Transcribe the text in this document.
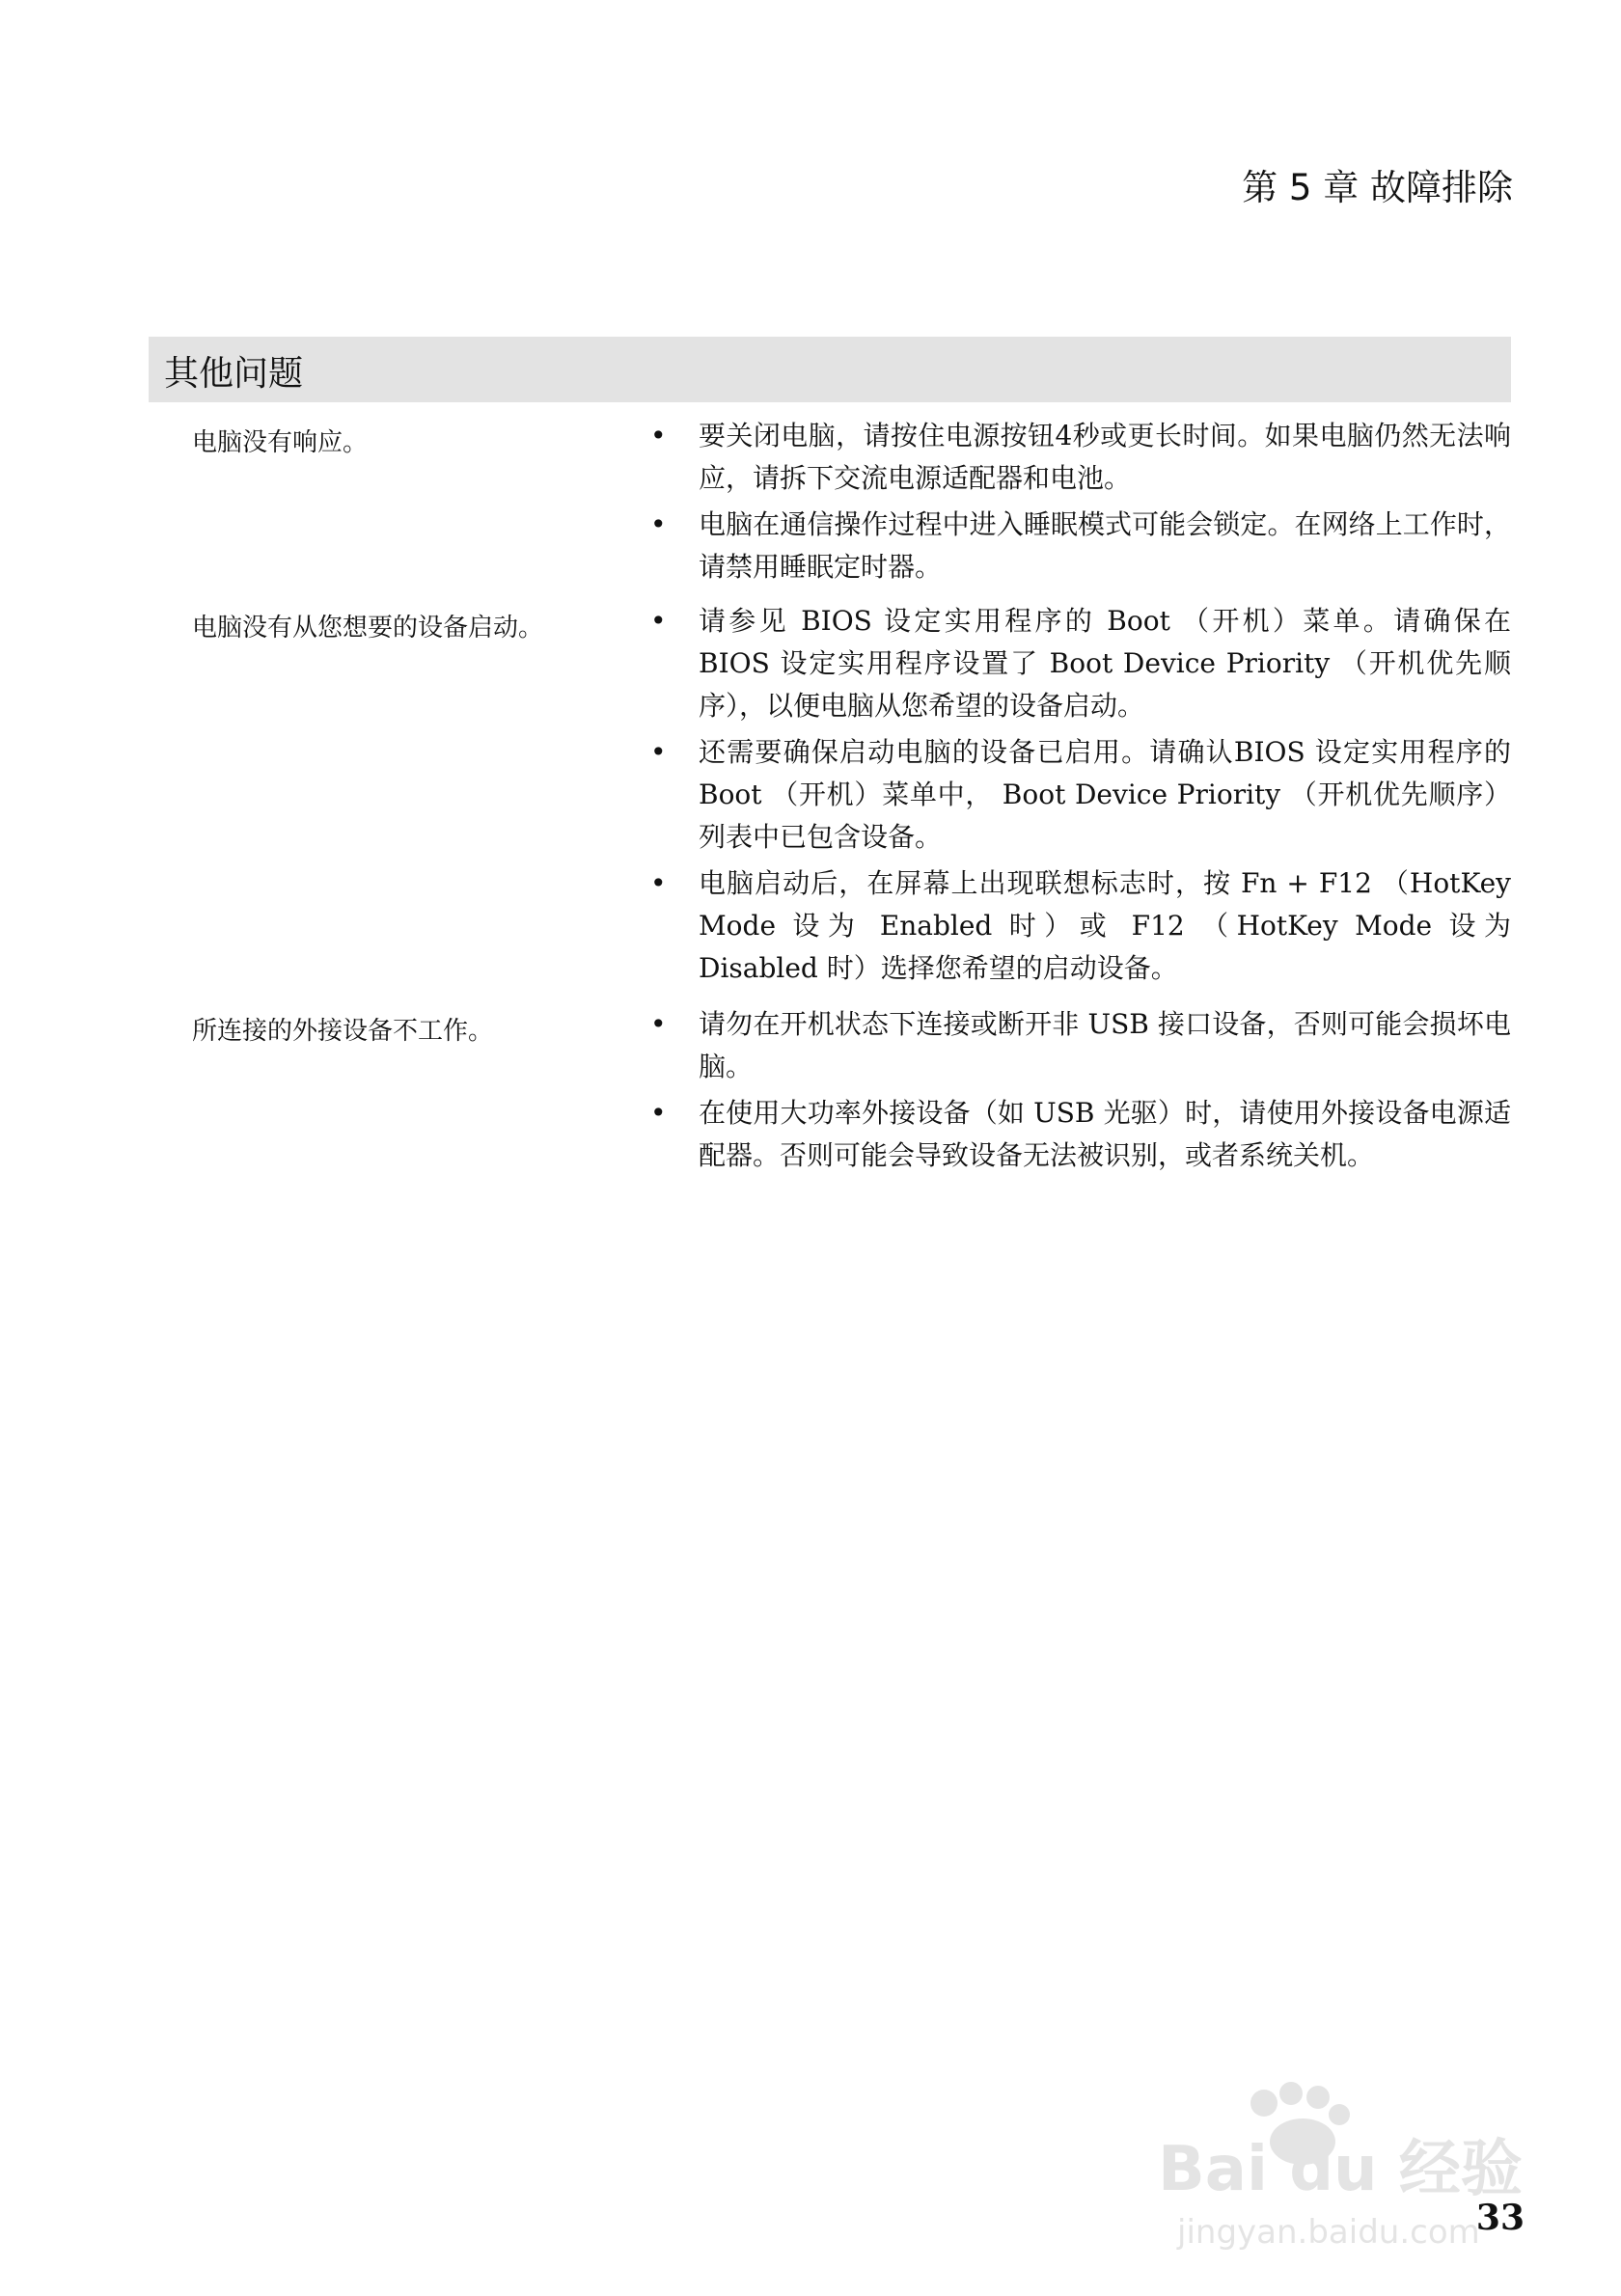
第 5 章 故障排除
其他问题
电脑没有响应。	• 要关闭电脑，请按住电源按钮4秒或更长时间。如果电脑仍然无法响应，请拆下交流电源适配器和电池。
• 电脑在通信操作过程中进入睡眠模式可能会锁定。在网络上工作时，请禁用睡眠定时器。
电脑没有从您想要的设备启动。	• 请参见 BIOS 设定实用程序的 Boot （开机）菜单。请确保在 BIOS 设定实用程序设置了 Boot Device Priority （开机优先顺序），以便电脑从您希望的设备启动。
• 还需要确保启动电脑的设备已启用。请确认BIOS 设定实用程序的 Boot （开机）菜单中， Boot Device Priority （开机优先顺序）列表中已包含设备。
• 电脑启动后，在屏幕上出现联想标志时，按 Fn + F12 （HotKey Mode 设为 Enabled 时）或 F12 （HotKey Mode 设为 Disabled 时）选择您希望的启动设备。
所连接的外接设备不工作。	• 请勿在开机状态下连接或断开非 USB 接口设备，否则可能会损坏电脑。
• 在使用大功率外接设备（如 USB 光驱）时，请使用外接设备电源适配器。否则可能会导致设备无法被识别，或者系统关机。
Bai du 经验
jingyan.baidu.com
33
